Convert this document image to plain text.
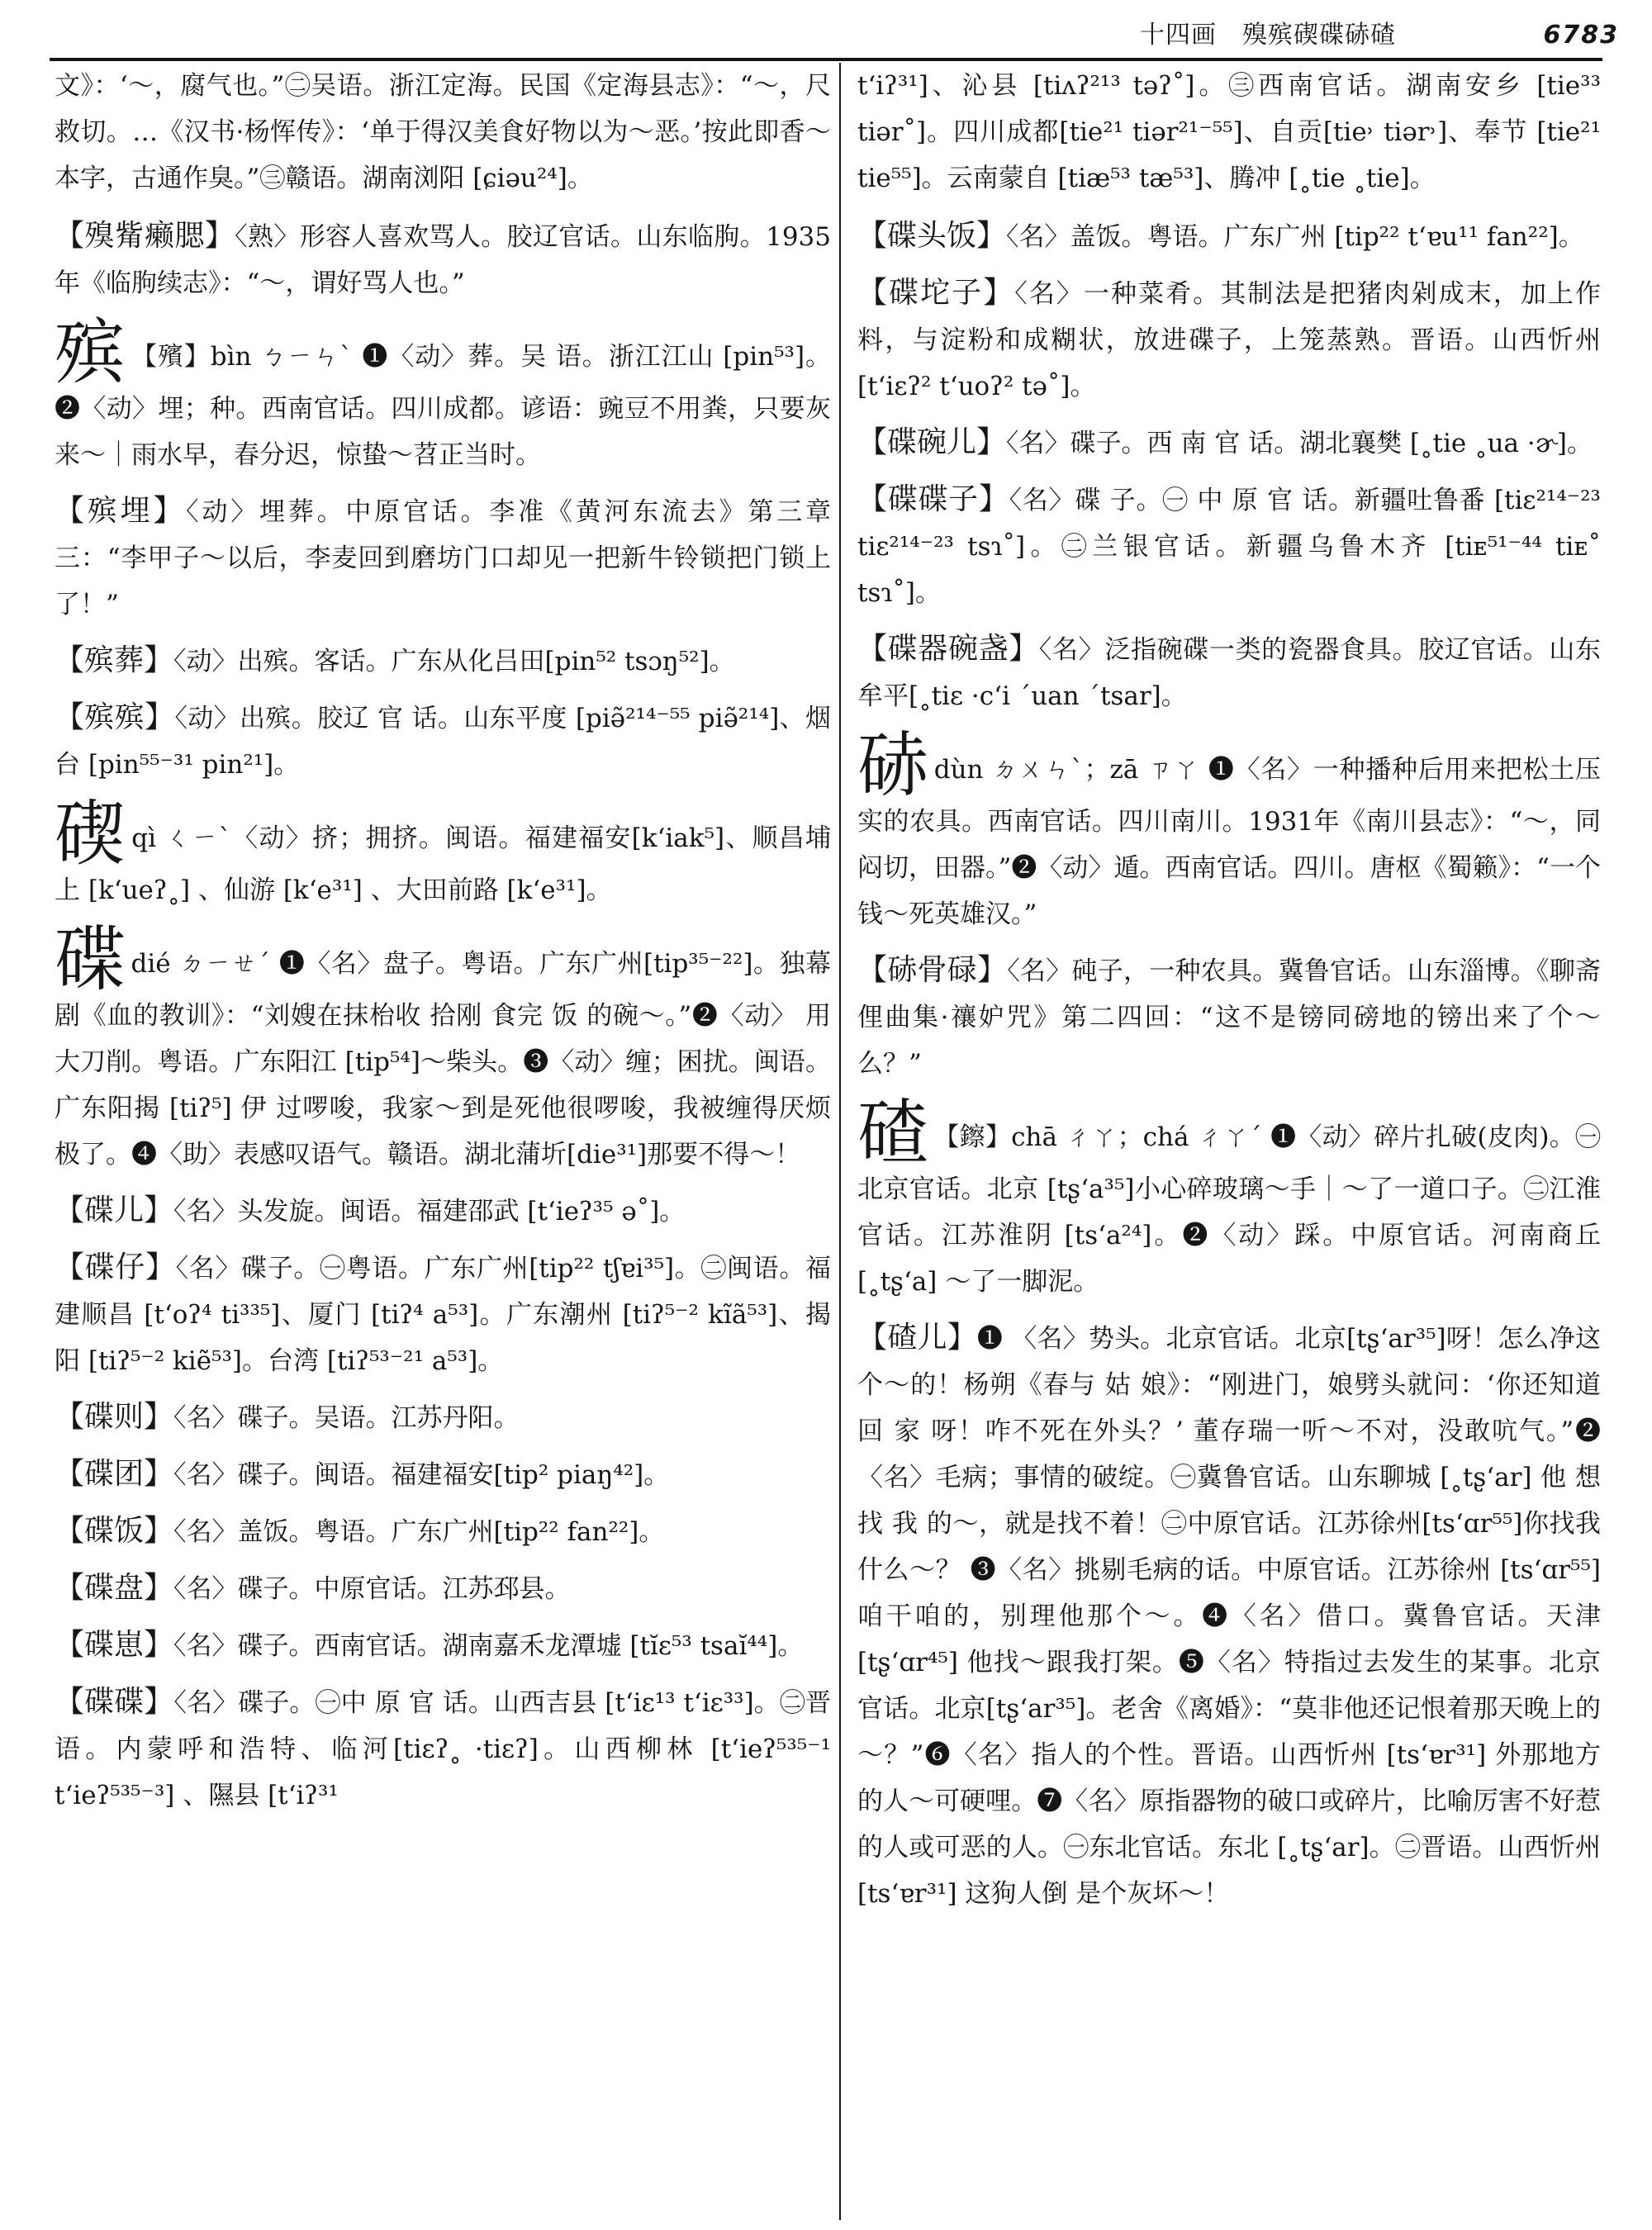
十四画　殠殡碶碟硳碴	6783

文》：‘～，腐气也。”㊁吴语。浙江定海。民国《定海县志》：“～，尺救切。…《汉书·杨恽传》：‘单于得汉美食好物以为～恶。’按此即香～本字，古通作臭。”㊂赣语。湖南浏阳 [ɕiəu²⁴]。

【殠觜癞腮】〈熟〉形容人喜欢骂人。胶辽官话。山东临朐。1935年《临朐续志》：“～，谓好骂人也。”

殡 【殯】bìn ㄅㄧㄣˋ ❶〈动〉葬。吴 语。浙江江山 [pin⁵³]。❷〈动〉埋；种。西南官话。四川成都。谚语：豌豆不用粪，只要灰来～｜雨水早，春分迟，惊蛰～苕正当时。

【殡埋】〈动〉埋葬。中原官话。李准《黄河东流去》第三章三：“李甲子～以后，李麦回到磨坊门口却见一把新牛铃锁把门锁上了！”

【殡葬】〈动〉出殡。客话。广东从化吕田[pin⁵² tsɔŋ⁵²]。

【殡殡】〈动〉出殡。胶辽 官 话。山东平度 [piə̃²¹⁴⁻⁵⁵ piə̃²¹⁴]、烟台 [pin⁵⁵⁻³¹ pin²¹]。

碶qì ㄑㄧˋ〈动〉挤；拥挤。闽语。福建福安[k‘iak⁵]、顺昌埔上 [k‘ueʔ˳] 、仙游 [k‘e³¹] 、大田前路 [k‘e³¹]。

碟dié ㄉㄧㄝˊ ❶〈名〉盘子。粤语。广东广州[tip³⁵⁻²²]。独幕剧《血的教训》：“刘嫂在抹枱收 拾刚 食完 饭 的碗～。”❷〈动〉 用大刀削。粤语。广东阳江 [tip⁵⁴]～柴头。❸〈动〉缠；困扰。闽语。广东阳揭 [tiʔ⁵] 伊 过啰唆，我家～到是死他很啰唆，我被缠得厌烦极了。❹〈助〉表感叹语气。赣语。湖北蒲圻[die³¹]那要不得～！

【碟儿】〈名〉头发旋。闽语。福建邵武 [t‘ieʔ³⁵ ə˚]。

【碟仔】〈名〉碟子。㊀粤语。广东广州[tip²² tʃɐi³⁵]。㊁闽语。福建顺昌 [t‘oʔ⁴ ti³³⁵]、厦门 [tiʔ⁴ a⁵³]。广东潮州 [tiʔ⁵⁻² kĩã⁵³]、揭阳 [tiʔ⁵⁻² kiẽ⁵³]。台湾 [tiʔ⁵³⁻²¹ a⁵³]。

【碟则】〈名〉碟子。吴语。江苏丹阳。

【碟团】〈名〉碟子。闽语。福建福安[tip² piaŋ⁴²]。

【碟饭】〈名〉盖饭。粤语。广东广州[tip²² fan²²]。

【碟盘】〈名〉碟子。中原官话。江苏邳县。

【碟崽】〈名〉碟子。西南官话。湖南嘉禾龙潭墟 [tĭɛ⁵³ tsaĭ⁴⁴]。

【碟碟】〈名〉碟子。㊀中 原 官 话。山西吉县 [t‘iɛ¹³ t‘iɛ³³]。㊁晋语。内蒙呼和浩特、临河[tiɛʔ˳ ·tiɛʔ]。山西柳林 [t‘ieʔ⁵³⁵⁻¹ t‘ieʔ⁵³⁵⁻³] 、隰县 [t‘iʔ³¹

t‘iʔ³¹]、沁县 [tiʌʔ²¹³ təʔ˚]。㊂西南官话。湖南安乡 [tie³³ tiər˚]。四川成都[tie²¹ tiər²¹⁻⁵⁵]、自贡[tie˒ tiər˒]、奉节 [tie²¹ tie⁵⁵]。云南蒙自 [tiæ⁵³ tæ⁵³]、腾冲 [˳tie ˳tie]。

【碟头饭】〈名〉盖饭。粤语。广东广州 [tip²² t‘ɐu¹¹ fan²²]。

【碟坨子】〈名〉一种菜肴。其制法是把猪肉剁成末，加上作料，与淀粉和成糊状，放进碟子，上笼蒸熟。晋语。山西忻州 [t‘iɛʔ² t‘uoʔ² tə˚]。

【碟碗儿】〈名〉碟子。西 南 官 话。湖北襄樊 [˳tie ˳ua ·ɚ]。

【碟碟子】〈名〉碟 子。㊀ 中 原 官 话。新疆吐鲁番 [tiɛ²¹⁴⁻²³ tiɛ²¹⁴⁻²³ tsɿ˚]。㊁兰银官话。新疆乌鲁木齐 [tiᴇ⁵¹⁻⁴⁴ tiᴇ˚ tsɿ˚]。

【碟器碗盏】〈名〉泛指碗碟一类的瓷器食具。胶辽官话。山东牟平[˳tiɛ ·c‘i ˊuan ˊtsar]。

硳dùn ㄉㄨㄣˋ；zā ㄗㄚ ❶〈名〉一种播种后用来把松土压实的农具。西南官话。四川南川。1931年《南川县志》：“～，同闷切，田器。”❷〈动〉遁。西南官话。四川。唐枢《蜀籁》：“一个钱～死英雄汉。”

【硳骨碌】〈名〉砘子，一种农具。冀鲁官话。山东淄博。《聊斋俚曲集·禳妒咒》第二四回：“这不是镑同磅地的镑出来了个～么？”

碴 【鑔】chā ㄔㄚ；chá ㄔㄚˊ ❶〈动〉碎片扎破(皮肉)。㊀北京官话。北京 [tʂ‘a³⁵]小心碎玻璃～手｜～了一道口子。㊁江淮官话。江苏淮阴 [ts‘a²⁴]。❷〈动〉踩。中原官话。河南商丘 [˳tʂ‘a] ～了一脚泥。

【碴儿】❶ 〈名〉势头。北京官话。北京[tʂ‘ar³⁵]呀！怎么净这个～的！杨朔《春与 姑 娘》：“刚进门，娘劈头就问：‘你还知道 回 家 呀！咋不死在外头？’ 董存瑞一听～不对，没敢吭气。”❷〈名〉毛病；事情的破绽。㊀冀鲁官话。山东聊城 [˳tʂ‘ar] 他 想 找 我 的～，就是找不着！㊁中原官话。江苏徐州[ts‘ɑr⁵⁵]你找我什么～？ ❸〈名〉挑剔毛病的话。中原官话。江苏徐州 [ts‘ɑr⁵⁵] 咱干咱的，别理他那个～。❹〈名〉借口。冀鲁官话。天津 [tʂ‘ɑr⁴⁵] 他找～跟我打架。❺〈名〉特指过去发生的某事。北京官话。北京[tʂ‘ar³⁵]。老舍《离婚》：“莫非他还记恨着那天晚上的～？”❻〈名〉指人的个性。晋语。山西忻州 [ts‘ɐr³¹] 外那地方的人～可硬哩。❼〈名〉原指器物的破口或碎片，比喻厉害不好惹的人或可恶的人。㊀东北官话。东北 [˳tʂ‘ar]。㊁晋语。山西忻州 [ts‘ɐr³¹] 这狗人倒 是个灰坏～！
